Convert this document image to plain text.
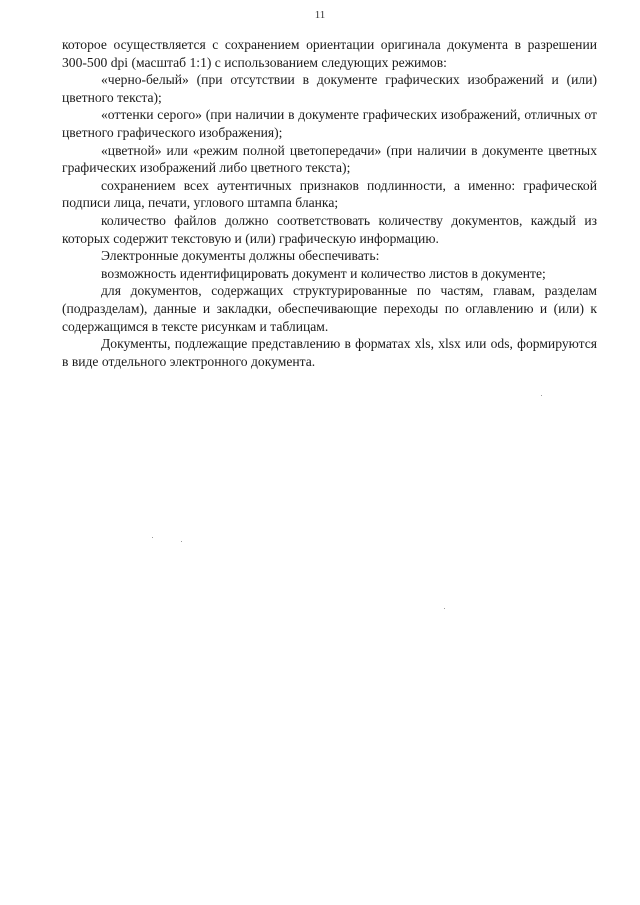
11

которое осуществляется с сохранением ориентации оригинала документа в разрешении 300-500 dpi (масштаб 1:1) с использованием следующих режимов:

«черно-белый» (при отсутствии в документе графических изображений и (или) цветного текста);

«оттенки серого» (при наличии в документе графических изображений, отличных от цветного графического изображения);

«цветной» или «режим полной цветопередачи» (при наличии в документе цветных графических изображений либо цветного текста);

сохранением всех аутентичных признаков подлинности, а именно: графической подписи лица, печати, углового штампа бланка;

количество файлов должно соответствовать количеству документов, каждый из которых содержит текстовую и (или) графическую информацию.

Электронные документы должны обеспечивать:

возможность идентифицировать документ и количество листов в документе;

для документов, содержащих структурированные по частям, главам, разделам (подразделам), данные и закладки, обеспечивающие переходы по оглавлению и (или) к содержащимся в тексте рисункам и таблицам.

Документы, подлежащие представлению в форматах xls, xlsx или ods, формируются в виде отдельного электронного документа.
